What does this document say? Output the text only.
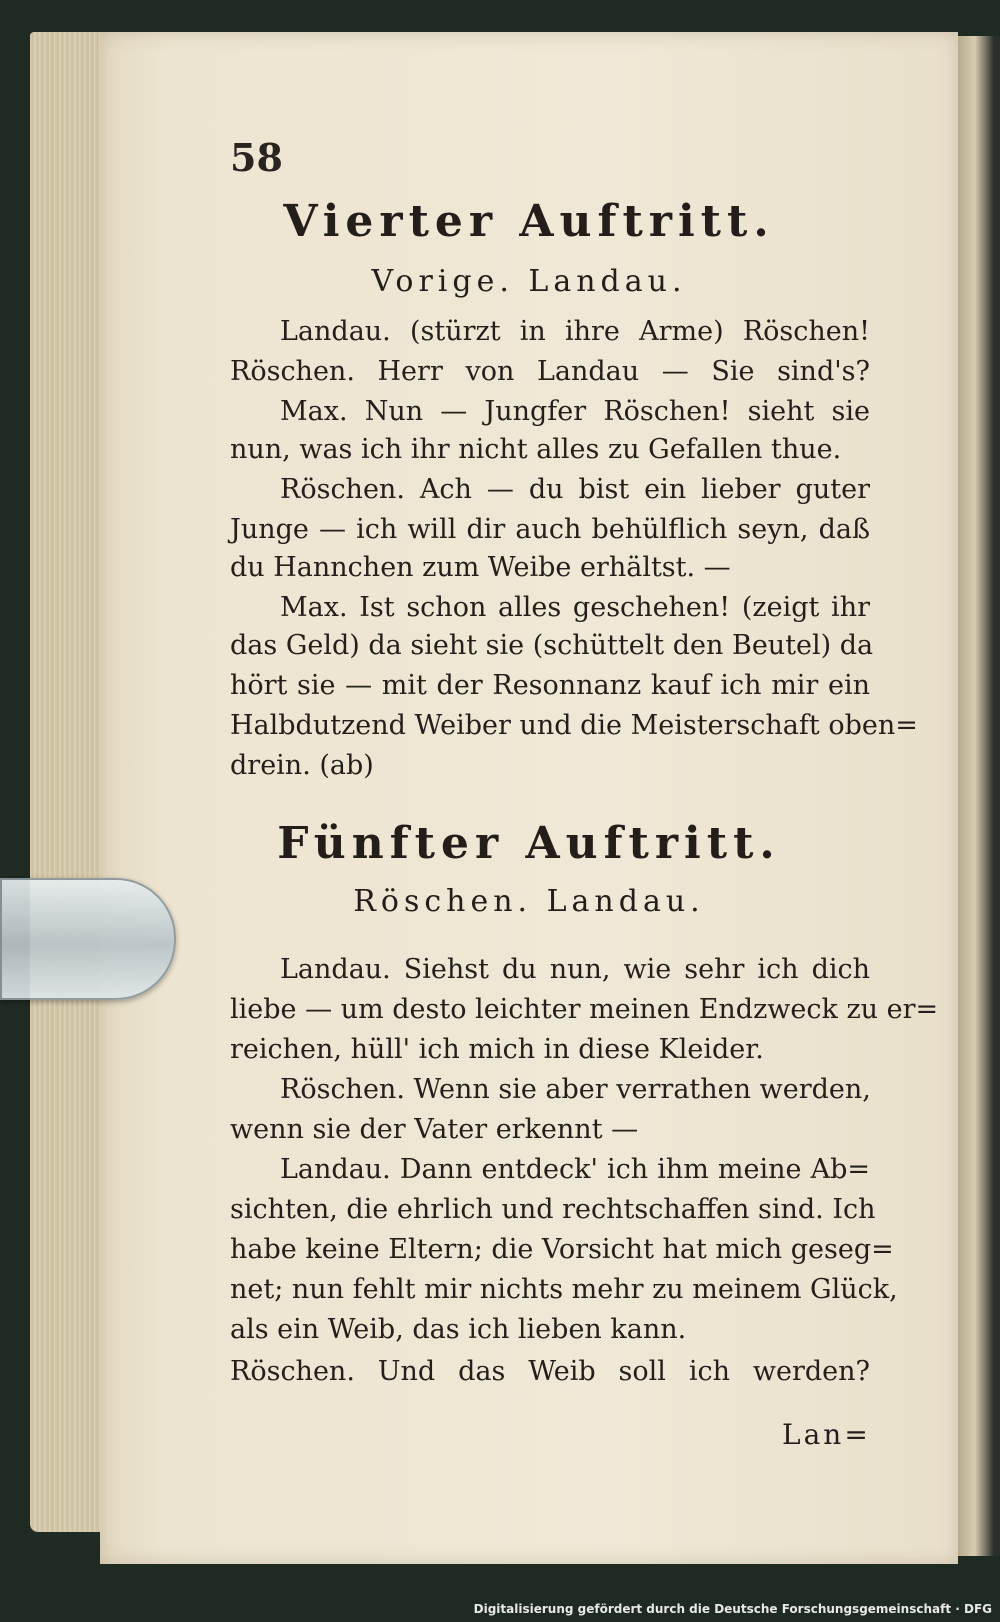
58
Vierter Auftritt.
Vorige. Landau.
Landau. (stürzt in ihre Arme) Röschen!
Röschen. Herr von Landau — Sie sind's?
Max. Nun — Jungfer Röschen! sieht sie
nun, was ich ihr nicht alles zu Gefallen thue.
Röschen. Ach — du bist ein lieber guter
Junge — ich will dir auch behülflich seyn, daß
du Hannchen zum Weibe erhältst. —
Max. Ist schon alles geschehen! (zeigt ihr
das Geld) da sieht sie (schüttelt den Beutel) da
hört sie — mit der Resonnanz kauf ich mir ein
Halbdutzend Weiber und die Meisterschaft oben=
drein. (ab)
Fünfter Auftritt.
Röschen. Landau.
Landau. Siehst du nun, wie sehr ich dich
liebe — um desto leichter meinen Endzweck zu er=
reichen, hüll' ich mich in diese Kleider.
Röschen. Wenn sie aber verrathen werden,
wenn sie der Vater erkennt —
Landau. Dann entdeck' ich ihm meine Ab=
sichten, die ehrlich und rechtschaffen sind. Ich
habe keine Eltern; die Vorsicht hat mich geseg=
net; nun fehlt mir nichts mehr zu meinem Glück,
als ein Weib, das ich lieben kann.
Röschen. Und das Weib soll ich werden?
Lan=
Digitalisierung gefördert durch die Deutsche Forschungsgemeinschaft · DFG
